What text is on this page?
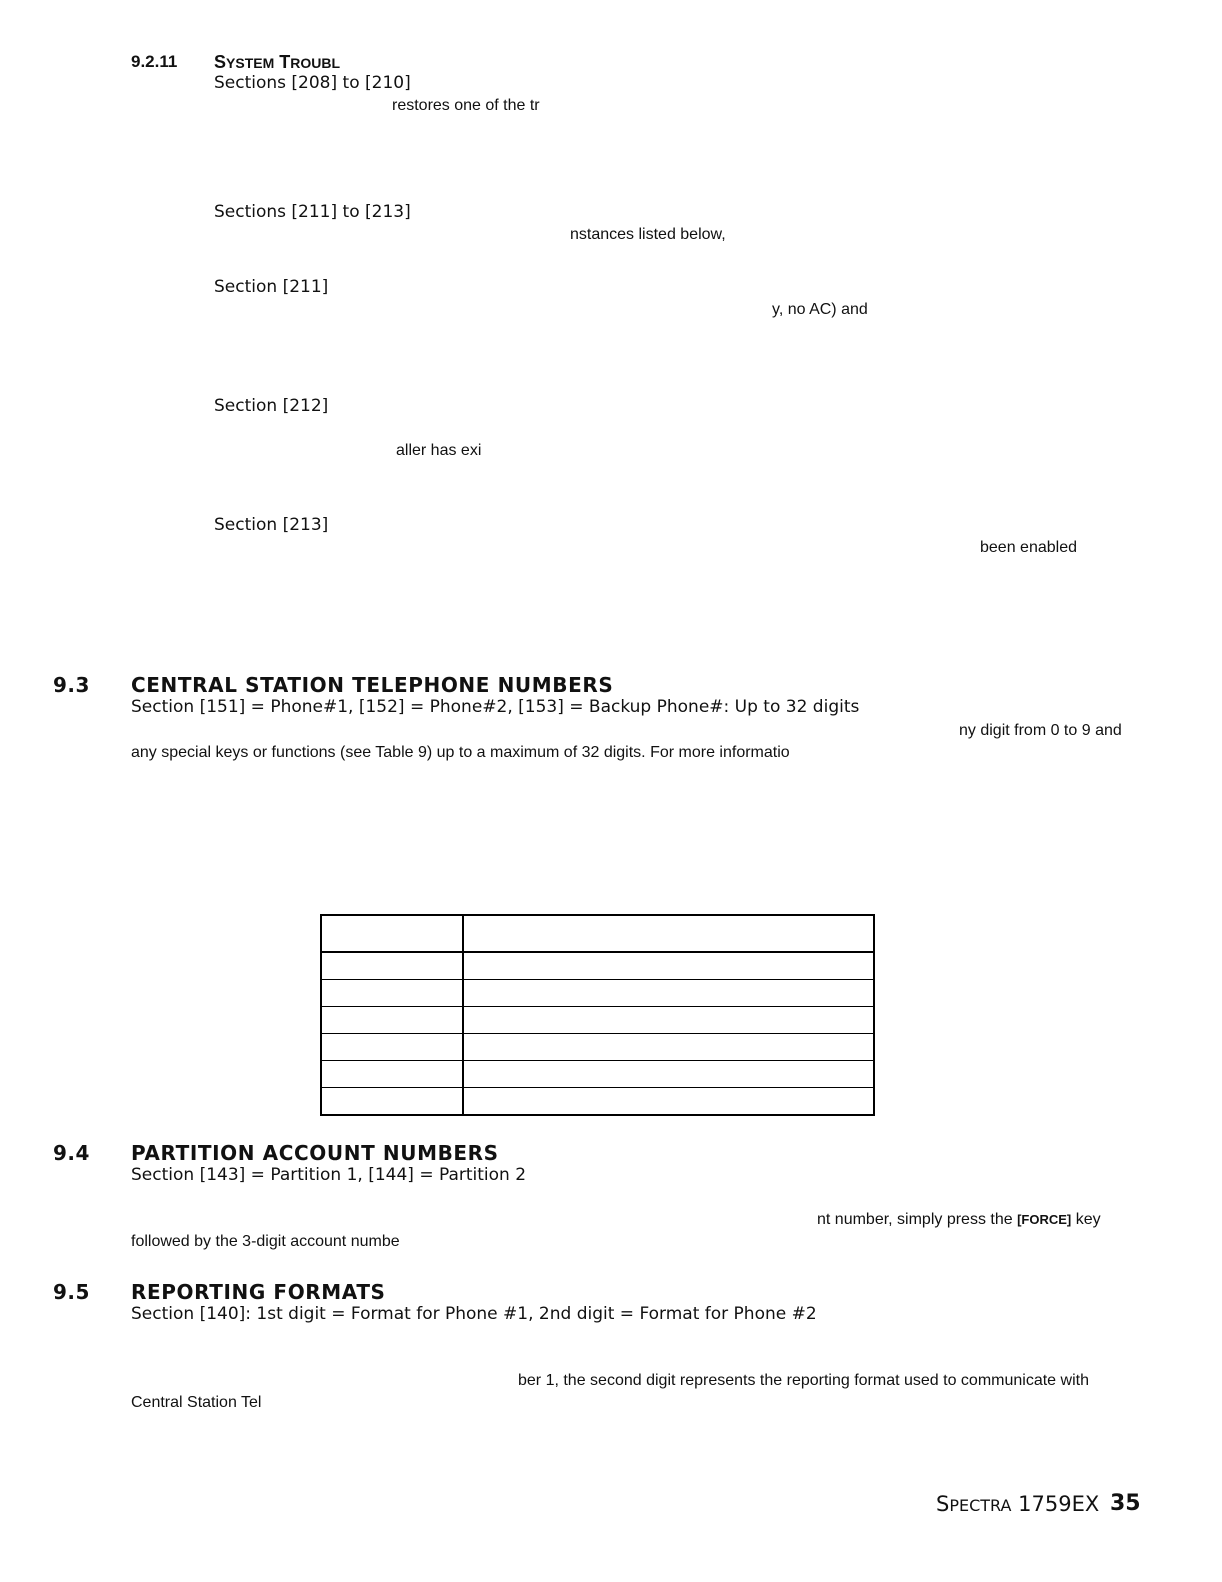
9.2.11 SYSTEM TROUBL
Sections [208] to [210]
restores one of the tr
Sections [211] to [213]
nstances listed below,
Section [211]
y, no AC) and
Section [212]
aller has exi
Section [213]
been enabled
9.3 CENTRAL STATION TELEPHONE NUMBERS
Section [151] = Phone#1, [152] = Phone#2, [153] = Backup Phone#: Up to 32 digits
ny digit from 0 to 9 and
any special keys or functions (see Table 9) up to a maximum of 32 digits. For more informatio

9.4 PARTITION ACCOUNT NUMBERS
Section [143] = Partition 1, [144] = Partition 2
nt number, simply press the [FORCE] key
followed by the 3-digit account numbe
9.5 REPORTING FORMATS
Section [140]: 1st digit = Format for Phone #1, 2nd digit = Format for Phone #2
ber 1, the second digit represents the reporting format used to communicate with
Central Station Tel
SPECTRA 1759EX 35
